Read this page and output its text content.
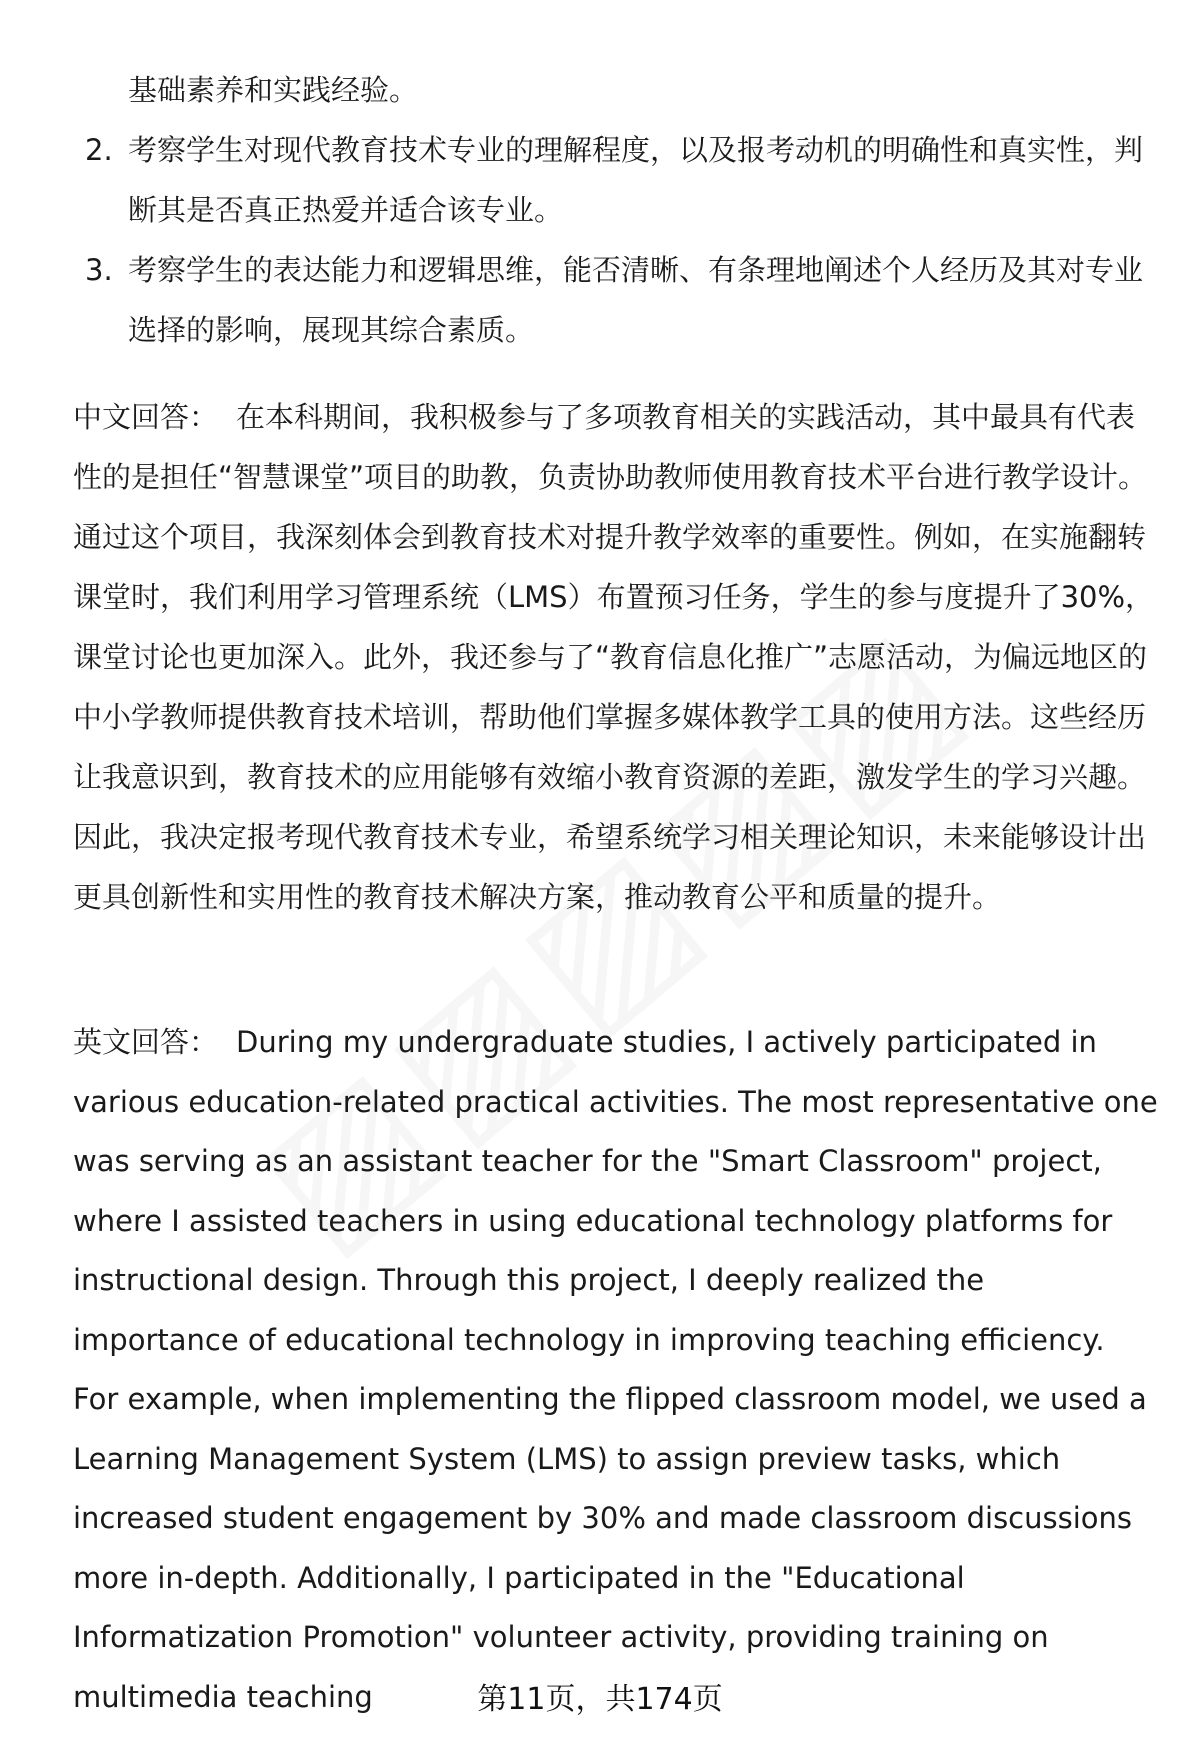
基础素养和实践经验。
2. 考察学生对现代教育技术专业的理解程度，以及报考动机的明确性和真实性，判断其是否真正热爱并适合该专业。
3. 考察学生的表达能力和逻辑思维，能否清晰、有条理地阐述个人经历及其对专业选择的影响，展现其综合素质。
中文回答： 在本科期间，我积极参与了多项教育相关的实践活动，其中最具有代表性的是担任“智慧课堂”项目的助教，负责协助教师使用教育技术平台进行教学设计。通过这个项目，我深刻体会到教育技术对提升教学效率的重要性。例如，在实施翻转课堂时，我们利用学习管理系统（LMS）布置预习任务，学生的参与度提升了30%，课堂讨论也更加深入。此外，我还参与了“教育信息化推广”志愿活动，为偏远地区的中小学教师提供教育技术培训，帮助他们掌握多媒体教学工具的使用方法。这些经历让我意识到，教育技术的应用能够有效缩小教育资源的差距，激发学生的学习兴趣。因此，我决定报考现代教育技术专业，希望系统学习相关理论知识，未来能够设计出更具创新性和实用性的教育技术解决方案，推动教育公平和质量的提升。
英文回答： During my undergraduate studies, I actively participated in various education-related practical activities. The most representative one was serving as an assistant teacher for the "Smart Classroom" project, where I assisted teachers in using educational technology platforms for instructional design. Through this project, I deeply realized the importance of educational technology in improving teaching efficiency. For example, when implementing the flipped classroom model, we used a Learning Management System (LMS) to assign preview tasks, which increased student engagement by 30% and made classroom discussions more in-depth. Additionally, I participated in the "Educational Informatization Promotion" volunteer activity, providing training on multimedia teaching	第11页，共174页
